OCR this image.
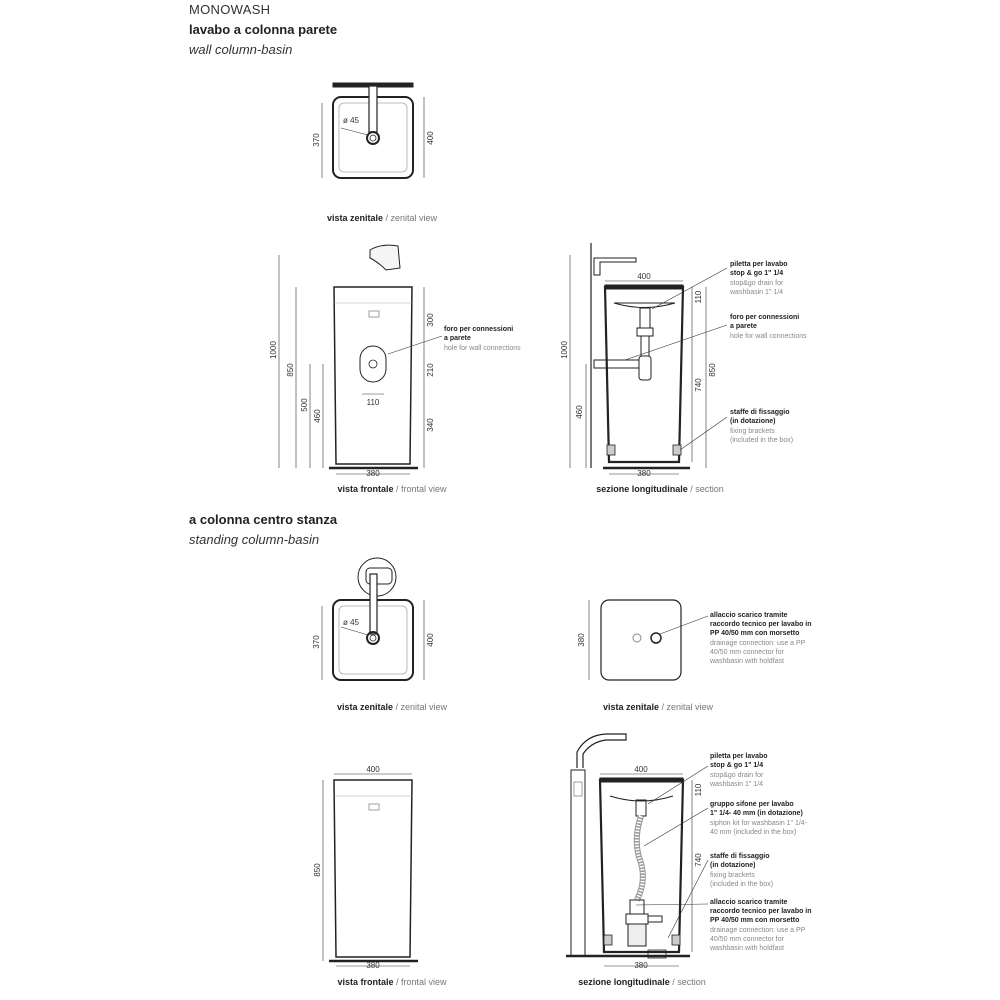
MONOWASH
lavabo a colonna parete
wall column-basin
a colonna centro stanza
standing column-basin
vista zenitale / zenital view
vista frontale / frontal view	sezione longitudinale / section
vista zenitale / zenital view	vista zenitale / zenital view
vista frontale / frontal view	sezione longitudinale / section
ø 45
370	400
1000
850
500
460
300
210
340
110
380
foro per connessioni
a parete
hole for wall connections	1000
460
400
110
740
850
380
piletta per lavabo
stop & go 1" 1/4
stop&go drain for
washbasin 1" 1/4
foro per connessioni
a parete
hole for wall connections
staffe di fissaggio
(in dotazione)
fixing brackets
(included in the box)
ø 45
370	400	380
allaccio scarico tramite
raccordo tecnico per lavabo in
PP 40/50 mm con morsetto
drainage connection: use a PP
40/50 mm connector for
washbasin with holdfast
400
850
380
400
110
740
380
piletta per lavabo
stop & go 1" 1/4
stop&go drain for
washbasin 1" 1/4
gruppo sifone per lavabo
1" 1/4- 40 mm (in dotazione)
siphon kit for washbasin 1" 1/4-
40 mm (included in the box)
staffe di fissaggio
(in dotazione)
fixing brackets
(included in the box)
allaccio scarico tramite
raccordo tecnico per lavabo in
PP 40/50 mm con morsetto
drainage connection: use a PP
40/50 mm connector for
washbasin with holdfast
